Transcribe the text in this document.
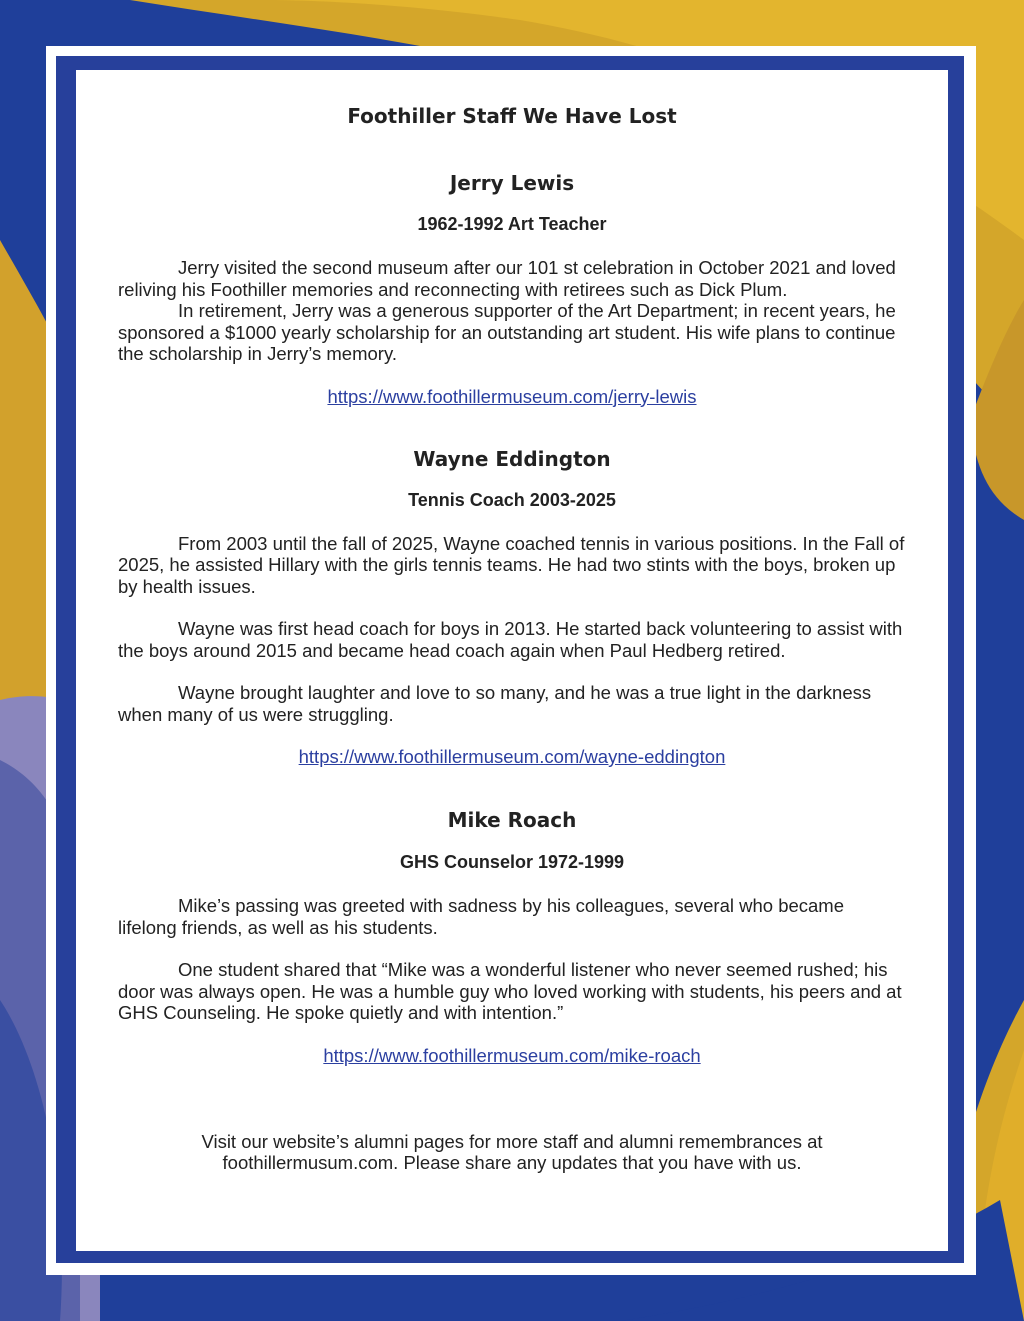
Foothiller Staff We Have Lost
Jerry Lewis
1962-1992 Art Teacher

Jerry visited the second museum after our 101 st celebration in October 2021 and loved reliving his Foothiller memories and reconnecting with retirees such as Dick Plum.

In retirement, Jerry was a generous supporter of the Art Department; in recent years, he sponsored a $1000 yearly scholarship for an outstanding art student. His wife plans to continue the scholarship in Jerry’s memory.

https://www.foothillermuseum.com/jerry-lewis
Wayne Eddington
Tennis Coach 2003-2025

From 2003 until the fall of 2025, Wayne coached tennis in various positions. In the Fall of 2025, he assisted Hillary with the girls tennis teams. He had two stints with the boys, broken up by health issues.

Wayne was first head coach for boys in 2013. He started back volunteering to assist with the boys around 2015 and became head coach again when Paul Hedberg retired.

Wayne brought laughter and love to so many, and he was a true light in the darkness when many of us were struggling.

https://www.foothillermuseum.com/wayne-eddington
Mike Roach
GHS Counselor 1972-1999

Mike’s passing was greeted with sadness by his colleagues, several who became lifelong friends, as well as his students.

One student shared that “Mike was a wonderful listener who never seemed rushed; his door was always open. He was a humble guy who loved working with students, his peers and at GHS Counseling. He spoke quietly and with intention.”

https://www.foothillermuseum.com/mike-roach
Visit our website’s alumni pages for more staff and alumni remembrances at
foothillermusum.com. Please share any updates that you have with us.
